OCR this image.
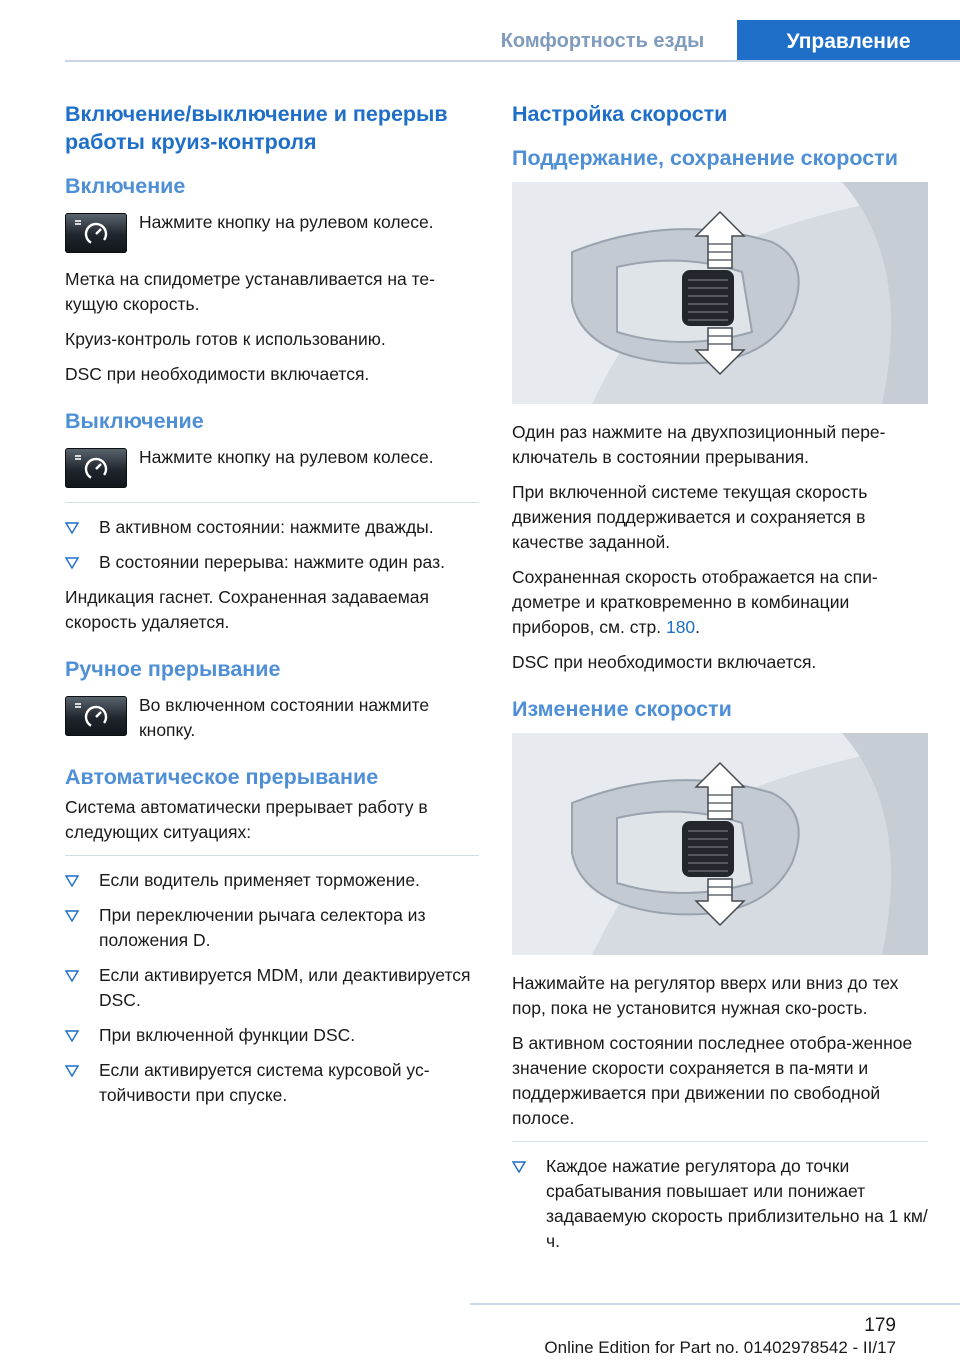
Комфортность езды	Управление
Включение/выключение и перерыв работы круиз-контроля
Включение
Нажмите кнопку на рулевом колесе.

Метка на спидометре устанавливается на те-кущую скорость.

Круиз-контроль готов к использованию.

DSC при необходимости включается.

Выключение
Нажмите кнопку на рулевом колесе.
В активном состоянии: нажмите дважды.
В состоянии перерыва: нажмите один раз.

Индикация гаснет. Сохраненная задаваемая скорость удаляется.

Ручное прерывание
Во включенном состоянии нажмите кнопку.
Автоматическое прерывание

Система автоматически прерывает работу в следующих ситуациях:

Если водитель применяет торможение.
При переключении рычага селектора из положения D.
Если активируется MDM, или деактивируется DSC.
При включенной функции DSC.
Если активируется система курсовой ус-тойчивости при спуске.
Настройка скорости
Поддержание, сохранение скорости

Один раз нажмите на двухпозиционный пере-ключатель в состоянии прерывания.

При включенной системе текущая скорость движения поддерживается и сохраняется в качестве заданной.

Сохраненная скорость отображается на спи-дометре и кратковременно в комбинации приборов, см. стр. 180.

DSC при необходимости включается.

Изменение скорости

Нажимайте на регулятор вверх или вниз до тех пор, пока не установится нужная ско-рость.

В активном состоянии последнее отобра-женное значение скорости сохраняется в па-мяти и поддерживается при движении по свободной полосе.

Каждое нажатие регулятора до точки срабатывания повышает или понижает задаваемую скорость приблизительно на 1 км/ч.
179
Online Edition for Part no. 01402978542 - II/17
